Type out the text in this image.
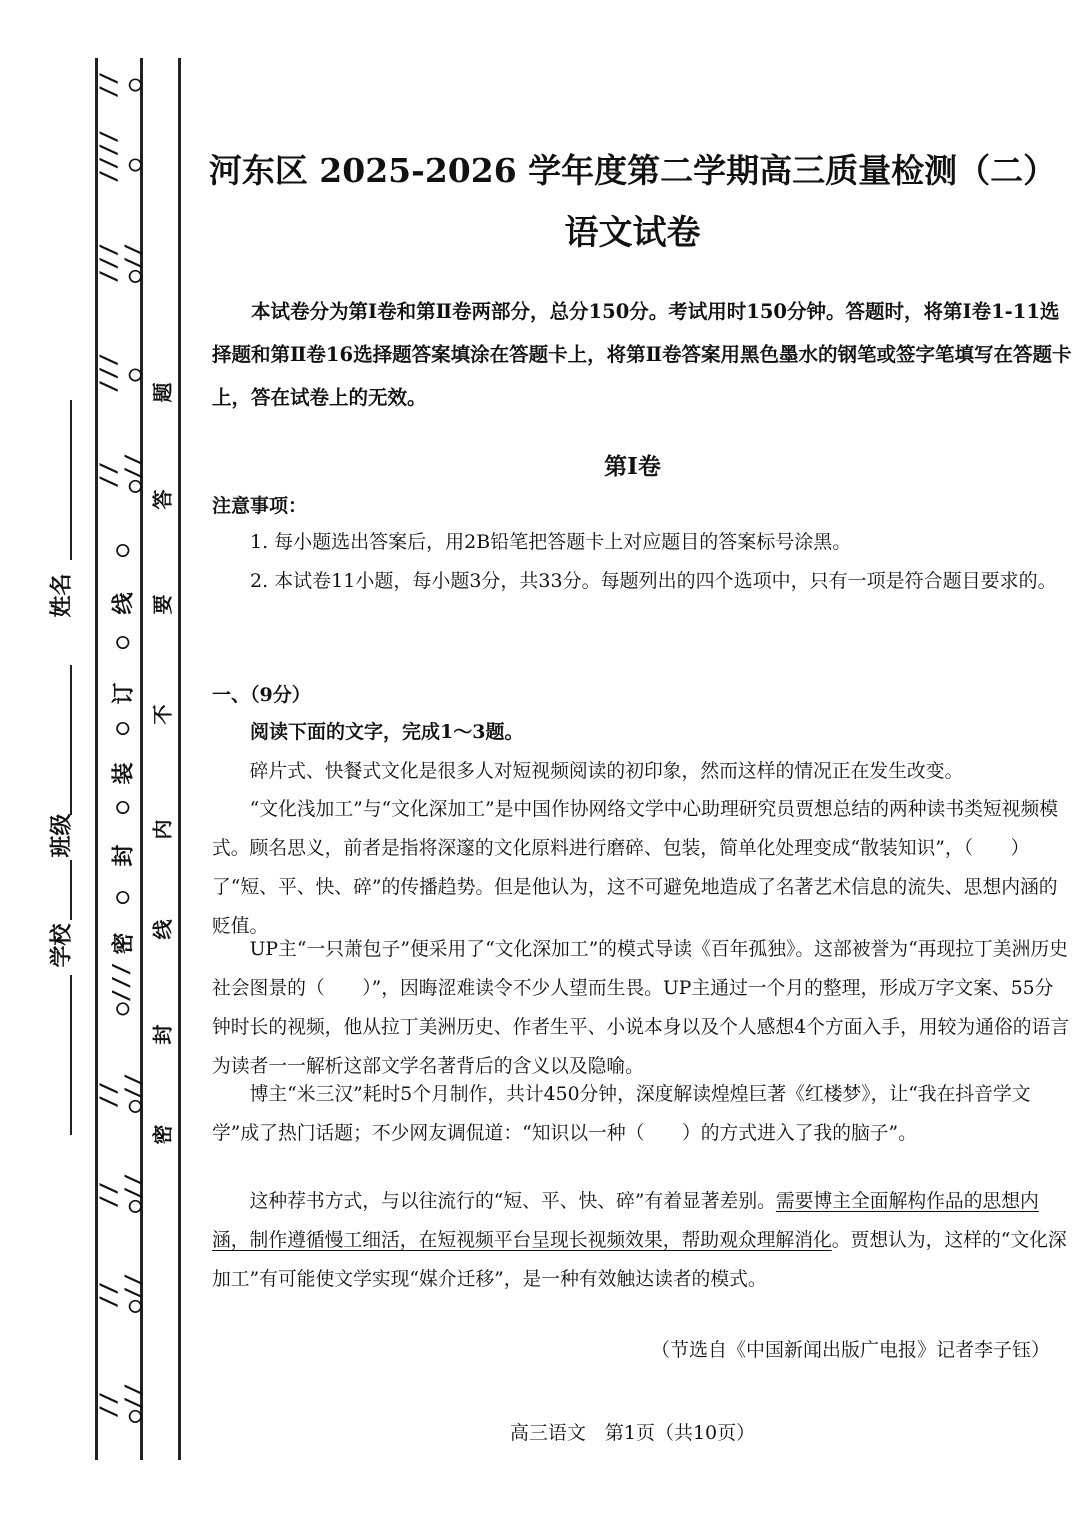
姓名
班级
学校
//○
////○
///○//
///○
//○//
○
线
○
订
○
装
○
封
○
密
○///
//○//
//○//
//○//
//○//
密
封
线
内
不
要
答
题
河东区 2025-2026 学年度第二学期高三质量检测（二）
语文试卷
本试卷分为第Ⅰ卷和第Ⅱ卷两部分，总分150分。考试用时150分钟。答题时，将第Ⅰ卷1-11选择题和第Ⅱ卷16选择题答案填涂在答题卡上，将第Ⅱ卷答案用黑色墨水的钢笔或签字笔填写在答题卡上，答在试卷上的无效。
第Ⅰ卷
注意事项：
1. 每小题选出答案后，用2B铅笔把答题卡上对应题目的答案标号涂黑。
2. 本试卷11小题，每小题3分，共33分。每题列出的四个选项中，只有一项是符合题目要求的。
一、（9分）
阅读下面的文字，完成1～3题。
碎片式、快餐式文化是很多人对短视频阅读的初印象，然而这样的情况正在发生改变。
“文化浅加工”与“文化深加工”是中国作协网络文学中心助理研究员贾想总结的两种读书类短视频模式。顾名思义，前者是指将深邃的文化原料进行磨碎、包装，简单化处理变成“散装知识”，（　　）了“短、平、快、碎”的传播趋势。但是他认为，这不可避免地造成了名著艺术信息的流失、思想内涵的贬值。
UP主“一只萧包子”便采用了“文化深加工”的模式导读《百年孤独》。这部被誉为“再现拉丁美洲历史社会图景的（　　）”，因晦涩难读令不少人望而生畏。UP主通过一个月的整理，形成万字文案、55分钟时长的视频，他从拉丁美洲历史、作者生平、小说本身以及个人感想4个方面入手，用较为通俗的语言为读者一一解析这部文学名著背后的含义以及隐喻。
博主“米三汉”耗时5个月制作，共计450分钟，深度解读煌煌巨著《红楼梦》，让“我在抖音学文学”成了热门话题；不少网友调侃道：“知识以一种（　　）的方式进入了我的脑子”。
这种荐书方式，与以往流行的“短、平、快、碎”有着显著差别。需要博主全面解构作品的思想内涵，制作遵循慢工细活，在短视频平台呈现长视频效果，帮助观众理解消化。贾想认为，这样的“文化深加工”有可能使文学实现“媒介迁移”，是一种有效触达读者的模式。
（节选自《中国新闻出版广电报》记者李子钰）
高三语文　第1页（共10页）
